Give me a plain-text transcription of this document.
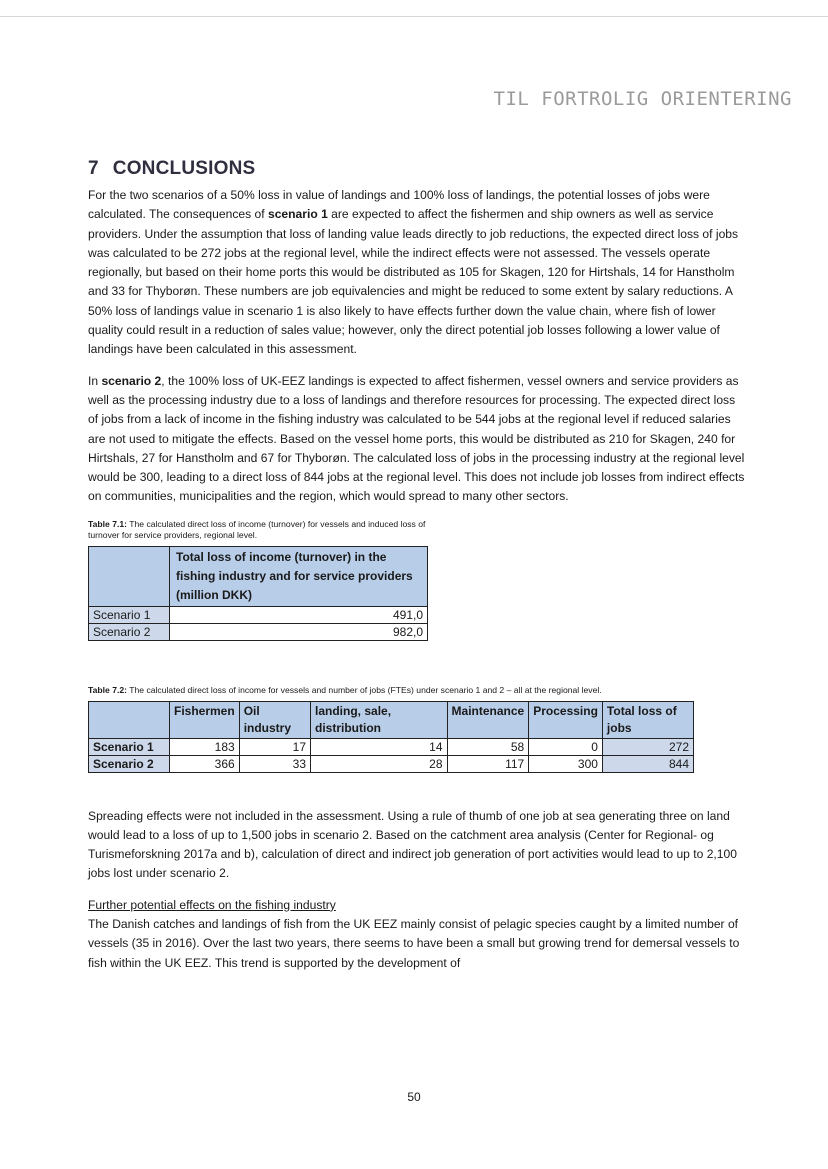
TIL FORTROLIG ORIENTERING
7 CONCLUSIONS

For the two scenarios of a 50% loss in value of landings and 100% loss of landings, the potential losses of jobs were calculated. The consequences of scenario 1 are expected to affect the fishermen and ship owners as well as service providers. Under the assumption that loss of landing value leads directly to job reductions, the expected direct loss of jobs was calculated to be 272 jobs at the regional level, while the indirect effects were not assessed. The vessels operate regionally, but based on their home ports this would be distributed as 105 for Skagen, 120 for Hirtshals, 14 for Hanstholm and 33 for Thyborøn. These numbers are job equivalencies and might be reduced to some extent by salary reductions. A 50% loss of landings value in scenario 1 is also likely to have effects further down the value chain, where fish of lower quality could result in a reduction of sales value; however, only the direct potential job losses following a lower value of landings have been calculated in this assessment.

In scenario 2, the 100% loss of UK-EEZ landings is expected to affect fishermen, vessel owners and service providers as well as the processing industry due to a loss of landings and therefore resources for processing. The expected direct loss of jobs from a lack of income in the fishing industry was calculated to be 544 jobs at the regional level if reduced salaries are not used to mitigate the effects. Based on the vessel home ports, this would be distributed as 210 for Skagen, 240 for Hirtshals, 27 for Hanstholm and 67 for Thyborøn. The calculated loss of jobs in the processing industry at the regional level would be 300, leading to a direct loss of 844 jobs at the regional level. This does not include job losses from indirect effects on communities, municipalities and the region, which would spread to many other sectors.

Table 7.1: The calculated direct loss of income (turnover) for vessels and induced loss of turnover for service providers, regional level.
	Total loss of income (turnover) in the fishing industry and for service providers (million DKK)
Scenario 1	491,0
Scenario 2	982,0
Table 7.2: The calculated direct loss of income for vessels and number of jobs (FTEs) under scenario 1 and 2 – all at the regional level.
	Fishermen	Oil industry	landing, sale, distribution	Maintenance	Processing	Total loss of jobs
Scenario 1	183	17	14	58	0	272
Scenario 2	366	33	28	117	300	844

Spreading effects were not included in the assessment. Using a rule of thumb of one job at sea generating three on land would lead to a loss of up to 1,500 jobs in scenario 2. Based on the catchment area analysis (Center for Regional- og Turismeforskning 2017a and b), calculation of direct and indirect job generation of port activities would lead to up to 2,100 jobs lost under scenario 2.

Further potential effects on the fishing industry

The Danish catches and landings of fish from the UK EEZ mainly consist of pelagic species caught by a limited number of vessels (35 in 2016). Over the last two years, there seems to have been a small but growing trend for demersal vessels to fish within the UK EEZ. This trend is supported by the development of

50
